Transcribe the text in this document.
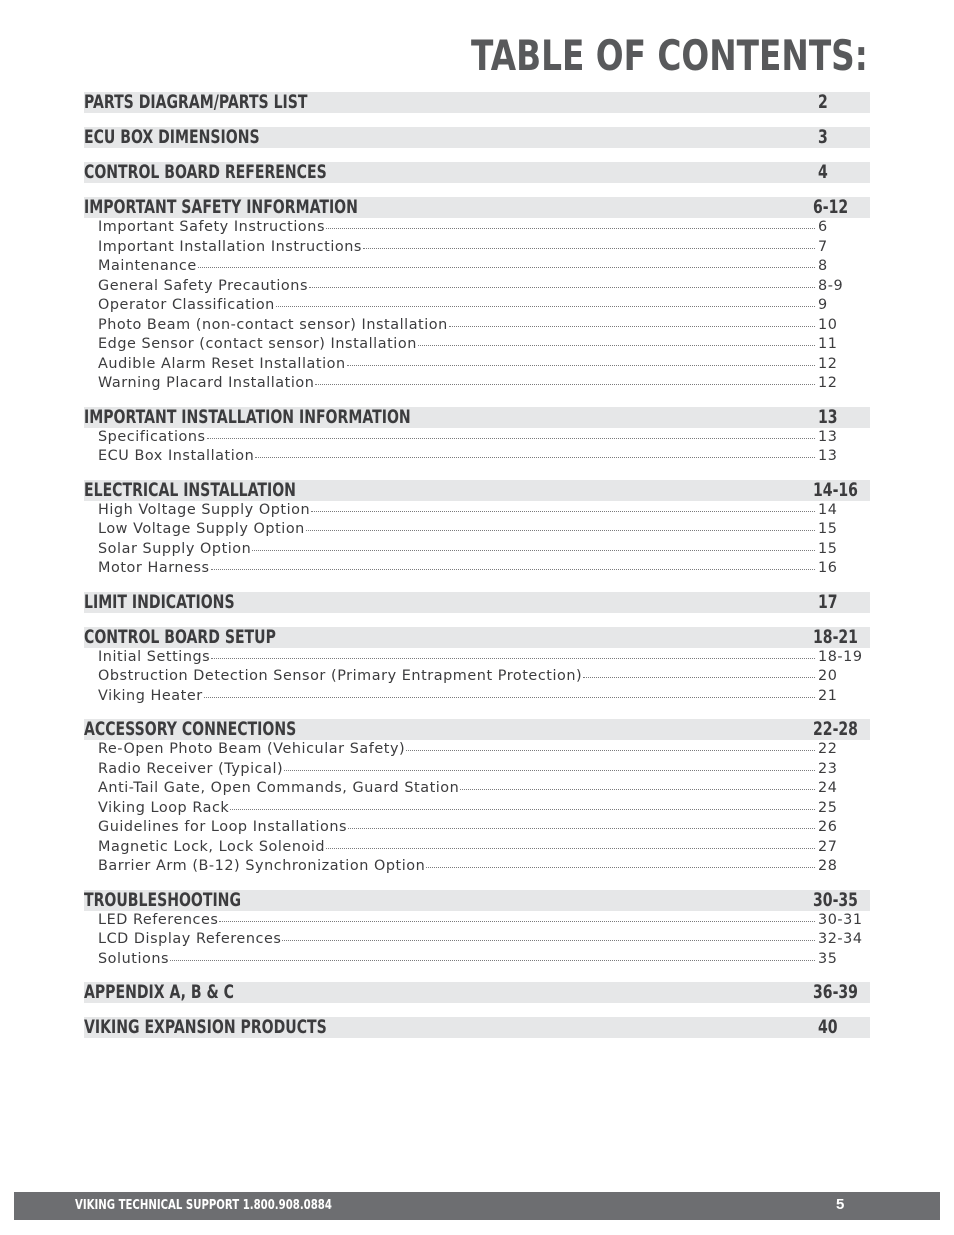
TABLE OF CONTENTS:
PARTS DIAGRAM/PARTS LIST	2
ECU BOX DIMENSIONS	3
CONTROL BOARD REFERENCES	4
IMPORTANT SAFETY INFORMATION	6-12
Important Safety Instructions	6
Important Installation Instructions	7
Maintenance	8
General Safety Precautions	8-9
Operator Classification	9
Photo Beam (non-contact sensor) Installation	10
Edge Sensor (contact sensor) Installation	11
Audible Alarm Reset Installation	12
Warning Placard Installation	12
IMPORTANT INSTALLATION INFORMATION	13
Specifications	13
ECU Box Installation	13
ELECTRICAL INSTALLATION	14-16
High Voltage Supply Option	14
Low Voltage Supply Option	15
Solar Supply Option	15
Motor Harness	16
LIMIT INDICATIONS	17
CONTROL BOARD SETUP	18-21
Initial Settings	18-19
Obstruction Detection Sensor (Primary Entrapment Protection)	20
Viking Heater	21
ACCESSORY CONNECTIONS	22-28
Re-Open Photo Beam (Vehicular Safety)	22
Radio Receiver (Typical)	23
Anti-Tail Gate, Open Commands, Guard Station	24
Viking Loop Rack	25
Guidelines for Loop Installations	26
Magnetic Lock, Lock Solenoid	27
Barrier Arm (B-12) Synchronization Option	28
TROUBLESHOOTING	30-35
LED References	30-31
LCD Display References	32-34
Solutions	35
APPENDIX A, B & C	36-39
VIKING EXPANSION PRODUCTS	40
VIKING TECHNICAL SUPPORT 1.800.908.0884	5
